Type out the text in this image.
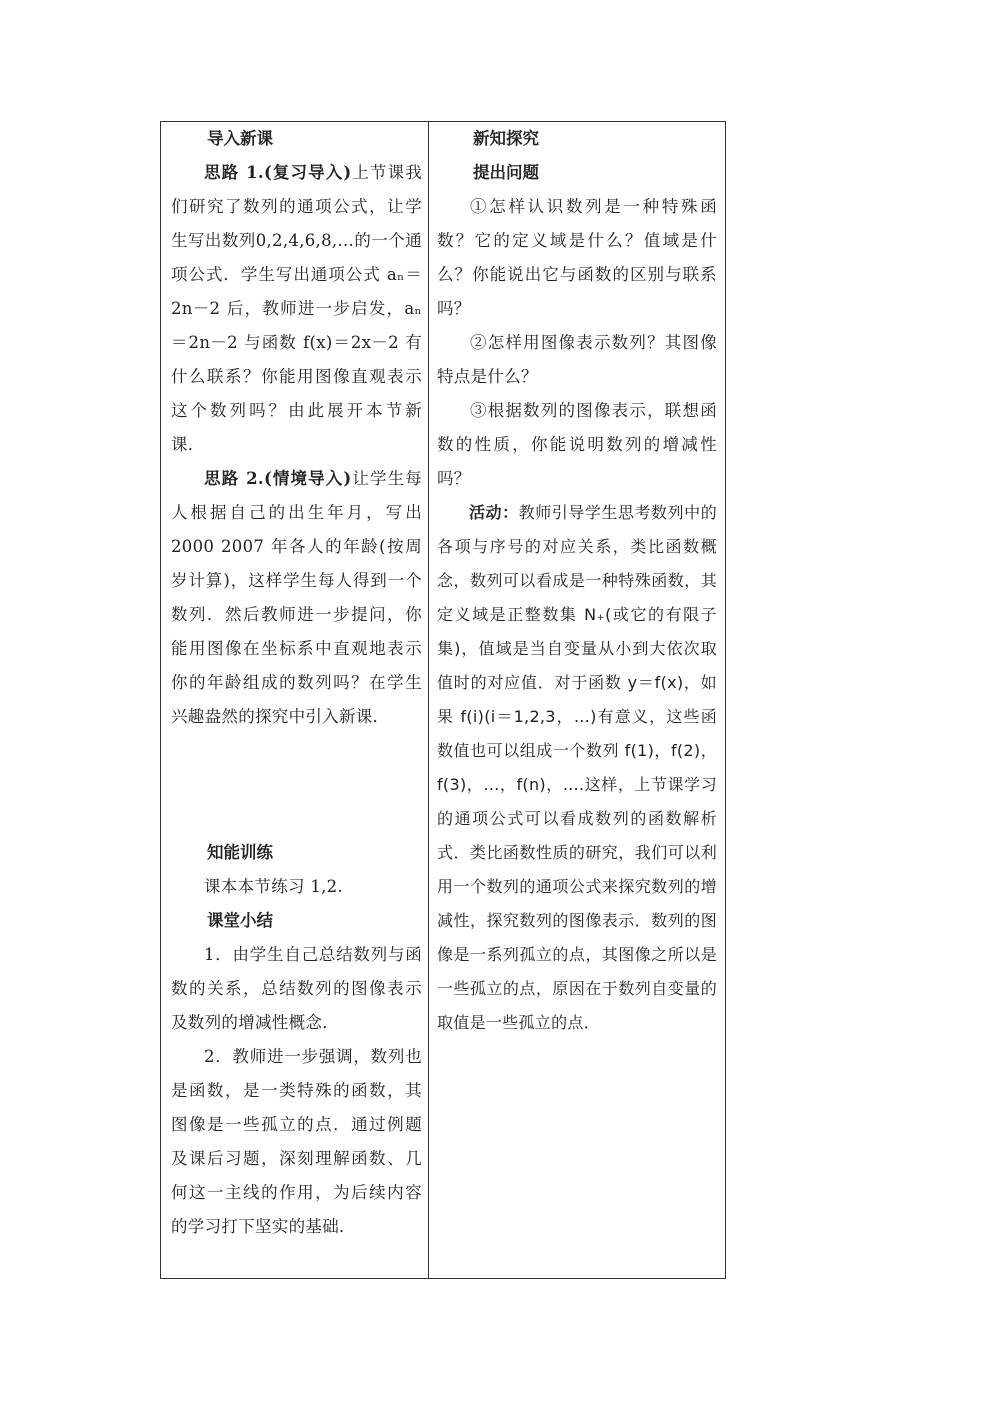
导入新课

思路 1.(复习导入)上节课我们研究了数列的通项公式，让学生写出数列0,2,4,6,8,…的一个通项公式．学生写出通项公式 aₙ＝2n－2 后，教师进一步启发，aₙ＝2n－2 与函数 f(x)＝2x－2 有什么联系？你能用图像直观表示这个数列吗？由此展开本节新课．

思路 2.(情境导入)让学生每人根据自己的出生年月，写出 2000 2007 年各人的年龄(按周岁计算)，这样学生每人得到一个数列．然后教师进一步提问，你能用图像在坐标系中直观地表示你的年龄组成的数列吗？在学生兴趣盎然的探究中引入新课．

知能训练

课本本节练习 1,2.

课堂小结

1．由学生自己总结数列与函数的关系，总结数列的图像表示及数列的增减性概念．

2．教师进一步强调，数列也是函数，是一类特殊的函数，其图像是一些孤立的点．通过例题及课后习题，深刻理解函数、几何这一主线的作用，为后续内容的学习打下坚实的基础．

新知探究

提出问题

①怎样认识数列是一种特殊函数？它的定义域是什么？值域是什么？你能说出它与函数的区别与联系吗？

②怎样用图像表示数列？其图像特点是什么？

③根据数列的图像表示，联想函数的性质，你能说明数列的增减性吗？

活动：教师引导学生思考数列中的各项与序号的对应关系，类比函数概念，数列可以看成是一种特殊函数，其定义域是正整数集 N₊(或它的有限子集)，值域是当自变量从小到大依次取值时的对应值．对于函数 y＝f(x)，如果 f(i)(i＝1,2,3，…)有意义，这些函数值也可以组成一个数列 f(1)，f(2)，f(3)，…，f(n)，….这样，上节课学习的通项公式可以看成数列的函数解析式．类比函数性质的研究，我们可以利用一个数列的通项公式来探究数列的增减性，探究数列的图像表示．数列的图像是一系列孤立的点，其图像之所以是一些孤立的点，原因在于数列自变量的取值是一些孤立的点．
